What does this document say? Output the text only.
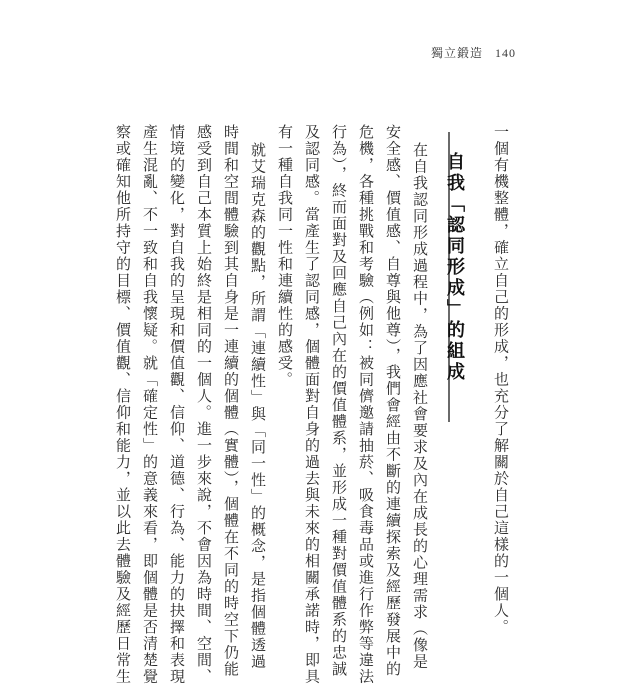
獨立鍛造 140
自我「認同形成」的組成 一個有機整體，確立自己的形成，也充分了解關於自己這樣的一個人。
在自我認同形成過程中，為了因應社會要求及內在成長的心理需求（像是
安全感、價值感、自尊與他尊），我們會經由不斷的連續探索及經歷發展中的
危機，各種挑戰和考驗（例如：被同儕邀請抽菸、吸食毒品或進行作弊等違法
行為），終而面對及回應自己內在的價值體系，並形成一種對價值體系的忠誠
及認同感。當產生了認同感，個體面對自身的過去與未來的相關承諾時，即具
有一種自我同一性和連續性的感受。
就艾瑞克森的觀點，所謂「連續性」與「同一性」的概念，是指個體透過
時間和空間體驗到其自身是一連續的個體（實體），個體在不同的時空下仍能
感受到自己本質上始終是相同的一個人。進一步來說，不會因為時間、空間、
情境的變化，對自我的呈現和價值觀、信仰、道德、行為、能力的抉擇和表現
產生混亂、不一致和自我懷疑。就「確定性」的意義來看，即個體是否清楚覺
察或確知他所持守的目標、價值觀、信仰和能力，並以此去體驗及經歷日常生
